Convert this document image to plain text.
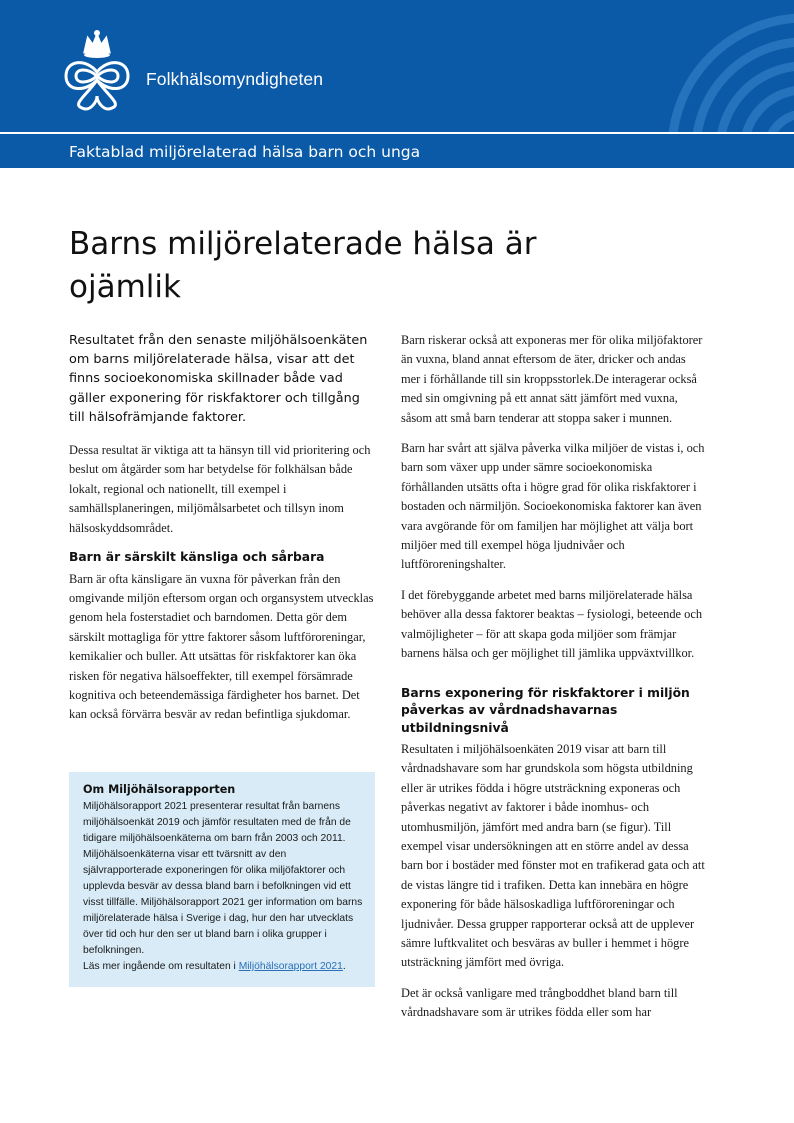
Folkhälsomyndigheten
Faktablad miljörelaterad hälsa barn och unga
Barns miljörelaterade hälsa är ojämlik

Resultatet från den senaste miljöhälsoenkäten om barns miljörelaterade hälsa, visar att det finns socioekonomiska skillnader både vad gäller exponering för riskfaktorer och tillgång till hälsofrämjande faktorer.

Dessa resultat är viktiga att ta hänsyn till vid prioritering och beslut om åtgärder som har betydelse för folkhälsan både lokalt, regional och nationellt, till exempel i samhällsplaneringen, miljömålsarbetet och tillsyn inom hälsoskyddsområdet.

Barn är särskilt känsliga och sårbara

Barn är ofta känsligare än vuxna för påverkan från den omgivande miljön eftersom organ och organsystem utvecklas genom hela fosterstadiet och barndomen. Detta gör dem särskilt mottagliga för yttre faktorer såsom luftföroreningar, kemikalier och buller. Att utsättas för riskfaktorer kan öka risken för negativa hälsoeffekter, till exempel försämrade kognitiva och beteendemässiga färdigheter hos barnet. Det kan också förvärra besvär av redan befintliga sjukdomar.

Om Miljöhälsorapporten

Miljöhälsorapport 2021 presenterar resultat från barnens miljöhälsoenkät 2019 och jämför resultaten med de från de tidigare miljöhälsoenkäterna om barn från 2003 och 2011. Miljöhälsoenkäterna visar ett tvärsnitt av den självrapporterade exponeringen för olika miljöfaktorer och upplevda besvär av dessa bland barn i befolkningen vid ett visst tillfälle. Miljöhälsorapport 2021 ger information om barns miljörelaterade hälsa i Sverige i dag, hur den har utvecklats över tid och hur den ser ut bland barn i olika grupper i befolkningen.
Läs mer ingående om resultaten i Miljöhälsorapport 2021.

Barn riskerar också att exponeras mer för olika miljöfaktorer än vuxna, bland annat eftersom de äter, dricker och andas mer i förhållande till sin kroppsstorlek.De interagerar också med sin omgivning på ett annat sätt jämfört med vuxna, såsom att små barn tenderar att stoppa saker i munnen.

Barn har svårt att själva påverka vilka miljöer de vistas i, och barn som växer upp under sämre socioekonomiska förhållanden utsätts ofta i högre grad för olika riskfaktorer i bostaden och närmiljön. Socioekonomiska faktorer kan även vara avgörande för om familjen har möjlighet att välja bort miljöer med till exempel höga ljudnivåer och luftföroreningshalter.

I det förebyggande arbetet med barns miljörelaterade hälsa behöver alla dessa faktorer beaktas – fysiologi, beteende och valmöjligheter – för att skapa goda miljöer som främjar barnens hälsa och ger möjlighet till jämlika uppväxtvillkor.

Barns exponering för riskfaktorer i miljön påverkas av vårdnadshavarnas utbildningsnivå

Resultaten i miljöhälsoenkäten 2019 visar att barn till vårdnadshavare som har grundskola som högsta utbildning eller är utrikes födda i högre utsträckning exponeras och påverkas negativt av faktorer i både inomhus- och utomhusmiljön, jämfört med andra barn (se figur). Till exempel visar undersökningen att en större andel av dessa barn bor i bostäder med fönster mot en trafikerad gata och att de vistas längre tid i trafiken. Detta kan innebära en högre exponering för både hälsoskadliga luftföroreningar och ljudnivåer. Dessa grupper rapporterar också att de upplever sämre luftkvalitet och besväras av buller i hemmet i högre utsträckning jämfört med övriga.

Det är också vanligare med trångboddhet bland barn till vårdnadshavare som är utrikes födda eller som har
